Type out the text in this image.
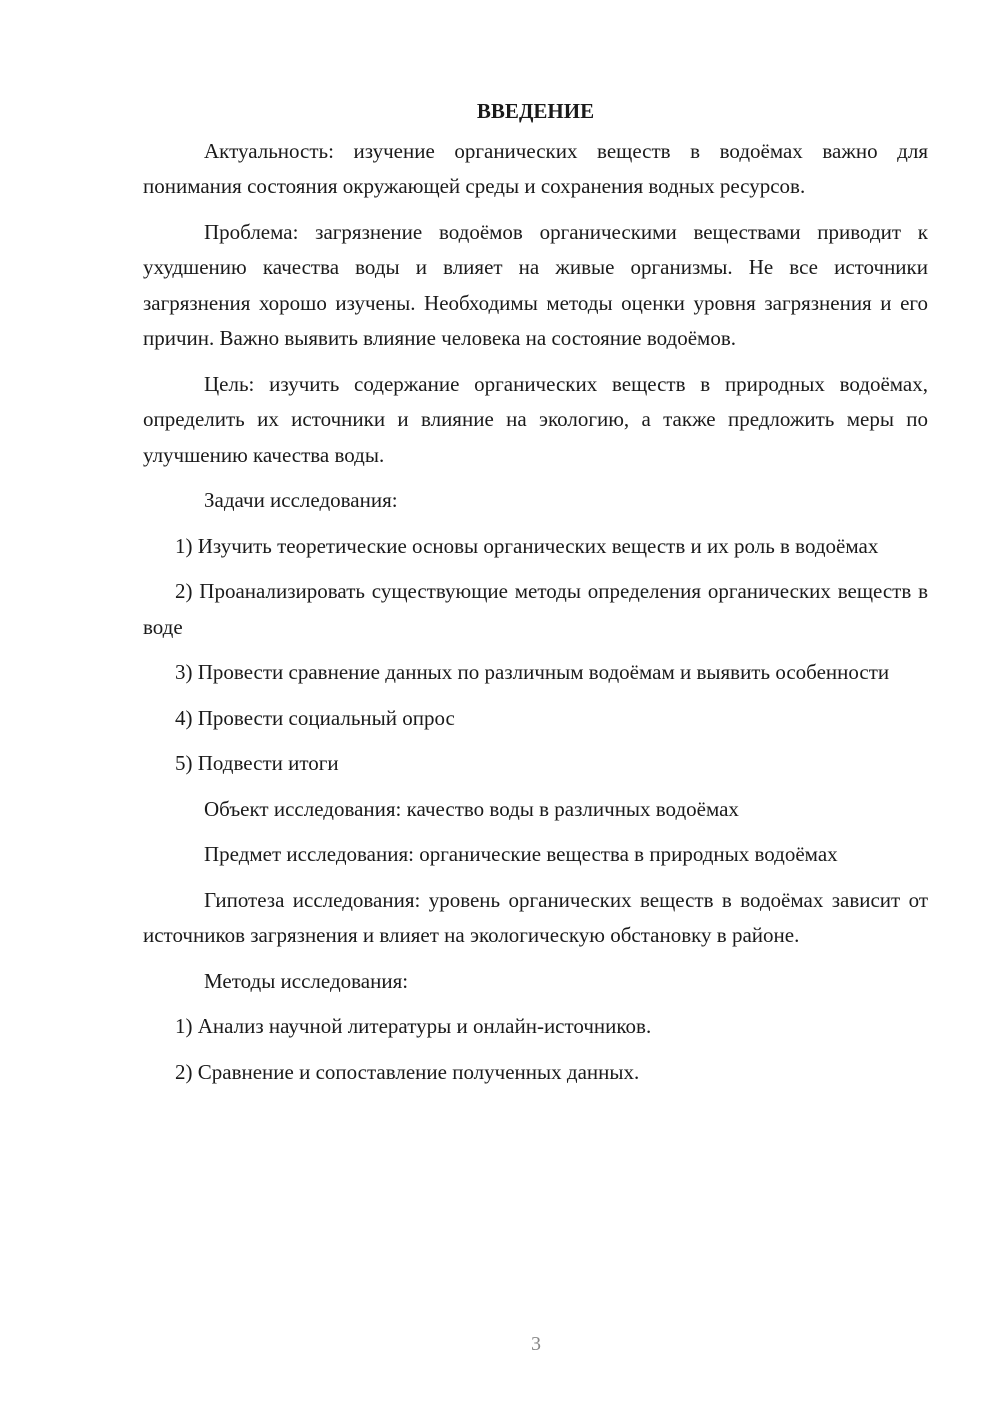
ВВЕДЕНИЕ

Актуальность: изучение органических веществ в водоёмах важно для понимания состояния окружающей среды и сохранения водных ресурсов.

Проблема: загрязнение водоёмов органическими веществами приводит к ухудшению качества воды и влияет на живые организмы. Не все источники загрязнения хорошо изучены. Необходимы методы оценки уровня загрязнения и его причин. Важно выявить влияние человека на состояние водоёмов.

Цель: изучить содержание органических веществ в природных водоёмах, определить их источники и влияние на экологию, а также предложить меры по улучшению качества воды.

Задачи исследования:

1) Изучить теоретические основы органических веществ и их роль в водоёмах

2) Проанализировать существующие методы определения органических веществ в воде

3) Провести сравнение данных по различным водоёмам и выявить особенности

4) Провести социальный опрос

5) Подвести итоги

Объект исследования: качество воды в различных водоёмах

Предмет исследования: органические вещества в природных водоёмах

Гипотеза исследования: уровень органических веществ в водоёмах зависит от источников загрязнения и влияет на экологическую обстановку в районе.

Методы исследования:

1) Анализ научной литературы и онлайн-источников.

2) Сравнение и сопоставление полученных данных.

3
